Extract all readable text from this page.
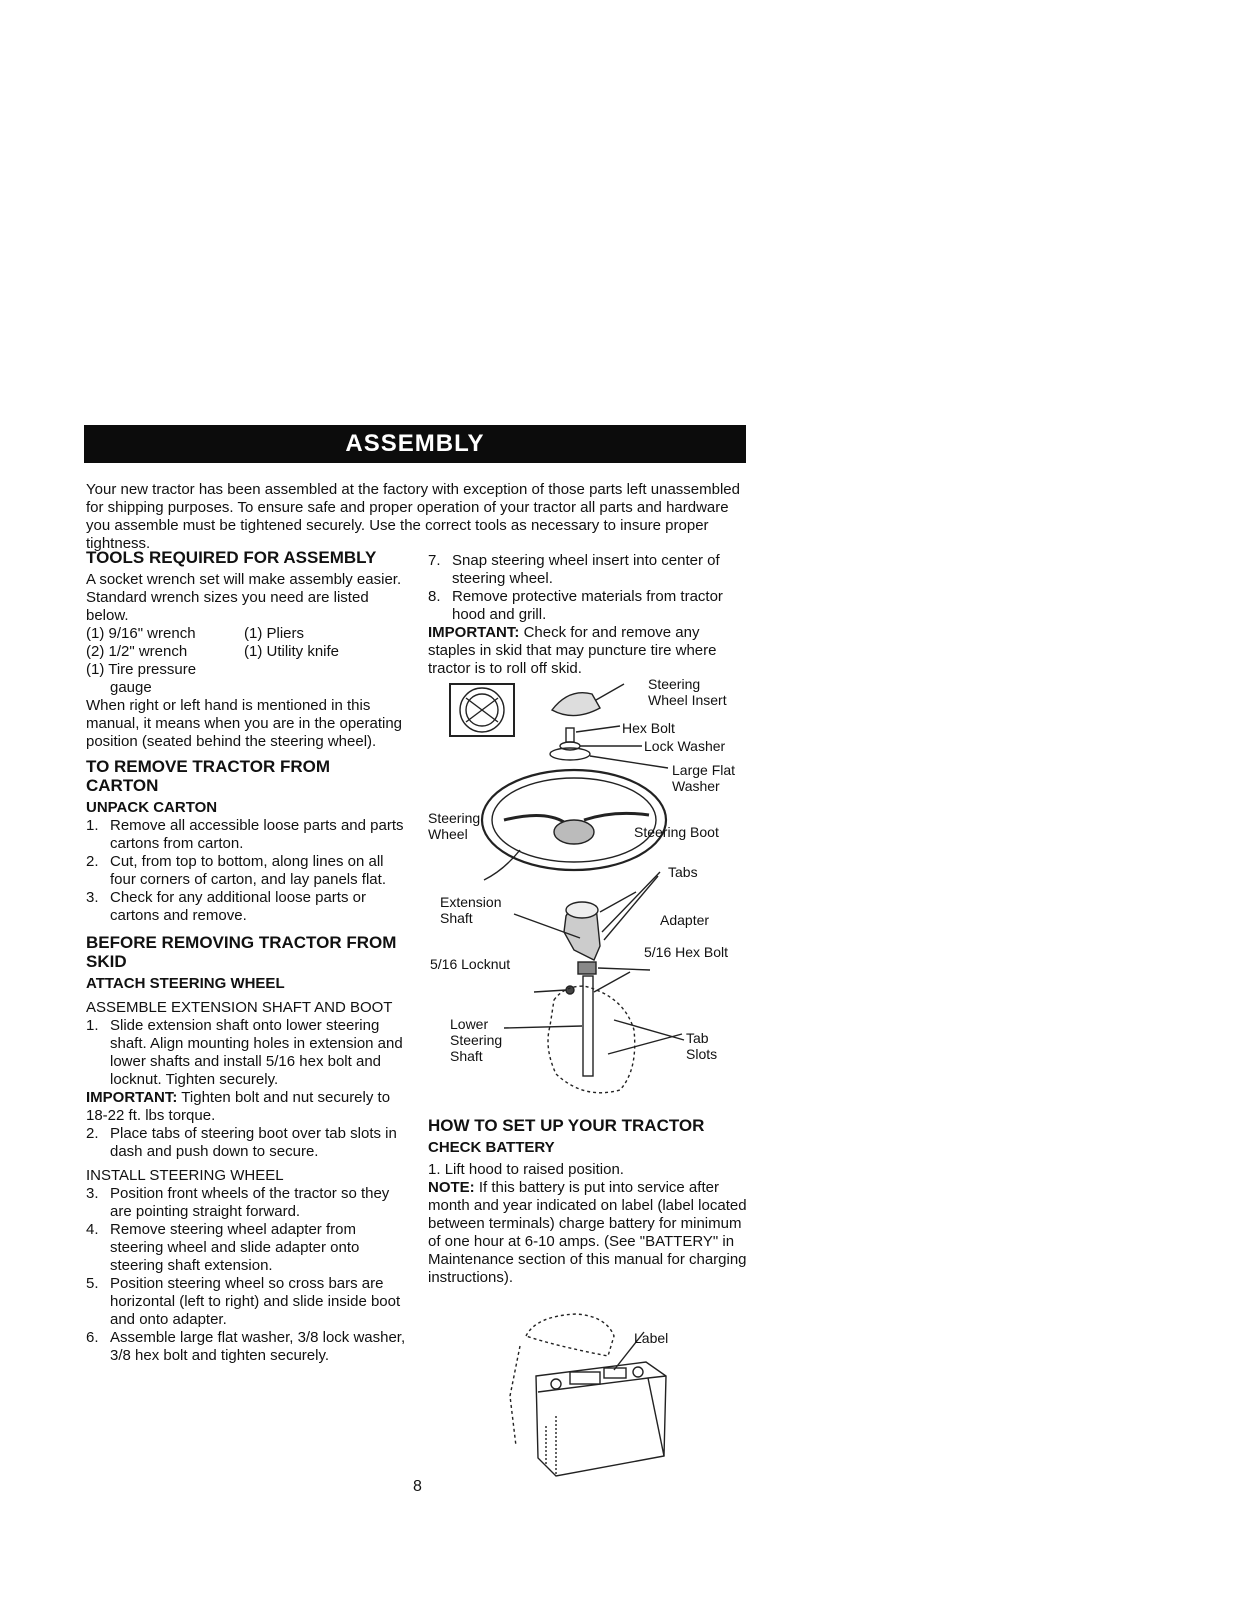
ASSEMBLY

Your new tractor has been assembled at the factory with exception of those parts left unassembled for shipping purposes. To ensure safe and proper operation of your tractor all parts and hardware you assemble must be tightened securely. Use the correct tools as necessary to insure proper tightness.

TOOLS REQUIRED FOR ASSEMBLY

A socket wrench set will make assembly easier. Standard wrench sizes you need are listed below.

(1) 9/16" wrench	(1) Pliers
(2) 1/2" wrench	(1) Utility knife
(1) Tire pressure
gauge

When right or left hand is mentioned in this manual, it means when you are in the operating position (seated behind the steering wheel).

TO REMOVE TRACTOR FROM CARTON

UNPACK CARTON

1. Remove all accessible loose parts and parts cartons from carton.
2. Cut, from top to bottom, along lines on all four corners of carton, and lay panels flat.
3. Check for any additional loose parts or cartons and remove.

BEFORE REMOVING TRACTOR FROM SKID

ATTACH STEERING WHEEL

ASSEMBLE EXTENSION SHAFT AND BOOT

1. Slide extension shaft onto lower steering shaft. Align mounting holes in extension and lower shafts and install 5/16 hex bolt and locknut. Tighten securely.

IMPORTANT: Tighten bolt and nut securely to 18-22 ft. lbs torque.

2. Place tabs of steering boot over tab slots in dash and push down to secure.

INSTALL STEERING WHEEL

3. Position front wheels of the tractor so they are pointing straight forward.
4. Remove steering wheel adapter from steering wheel and slide adapter onto steering shaft extension.
5. Position steering wheel so cross bars are horizontal (left to right) and slide inside boot and onto adapter.
6. Assemble large flat washer, 3/8 lock washer, 3/8 hex bolt and tighten securely.
7. Snap steering wheel insert into center of steering wheel.
8. Remove protective materials from tractor hood and grill.

IMPORTANT: Check for and remove any staples in skid that may puncture tire where tractor is to roll off skid.

Steering
Wheel Insert
Hex Bolt
Lock Washer
Large Flat
Washer
Steering
Wheel	Steering Boot
Tabs
Extension
Shaft	Adapter
5/16 Hex Bolt
5/16 Locknut
Lower
Steering
Shaft
Tab
Slots

HOW TO SET UP YOUR TRACTOR

CHECK BATTERY

1. Lift hood to raised position.

NOTE: If this battery is put into service after month and year indicated on label (label located between terminals) charge battery for minimum of one hour at 6-10 amps. (See "BATTERY" in Maintenance section of this manual for charging instructions).

Label
8
